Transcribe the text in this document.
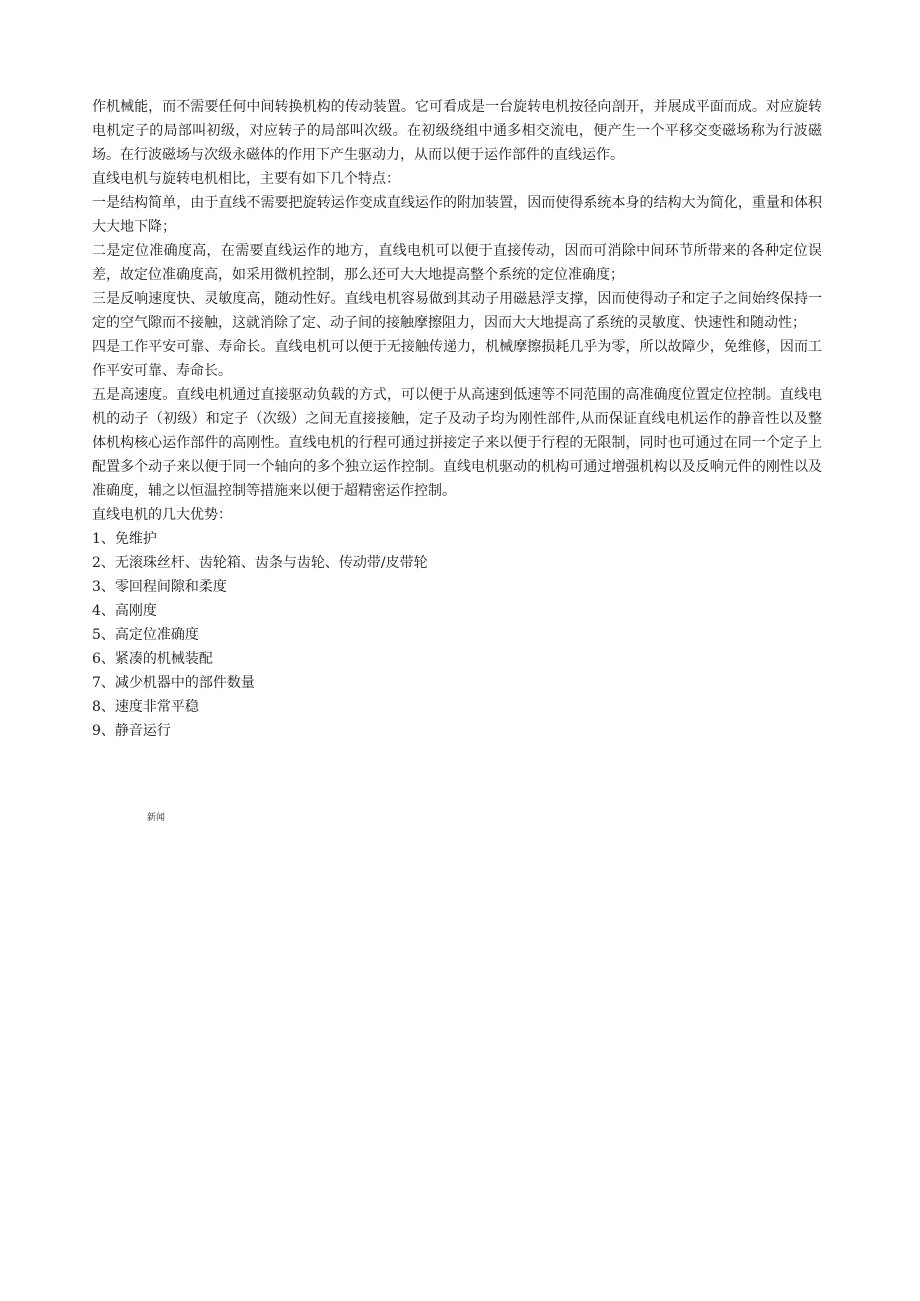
作机械能，而不需要任何中间转换机构的传动装置。它可看成是一台旋转电机按径向剖开，并展成平面而成。对应旋转电机定子的局部叫初级，对应转子的局部叫次级。在初级绕组中通多相交流电，便产生一个平移交变磁场称为行波磁场。在行波磁场与次级永磁体的作用下产生驱动力，从而以便于运作部件的直线运作。

直线电机与旋转电机相比，主要有如下几个特点：

一是结构简单，由于直线不需要把旋转运作变成直线运作的附加装置，因而使得系统本身的结构大为简化，重量和体积大大地下降；

二是定位准确度高，在需要直线运作的地方，直线电机可以便于直接传动，因而可消除中间环节所带来的各种定位误差，故定位准确度高，如采用微机控制，那么还可大大地提高整个系统的定位准确度；

三是反响速度快、灵敏度高，随动性好。直线电机容易做到其动子用磁悬浮支撑，因而使得动子和定子之间始终保持一定的空气隙而不接触，这就消除了定、动子间的接触摩擦阻力，因而大大地提高了系统的灵敏度、快速性和随动性；

四是工作平安可靠、寿命长。直线电机可以便于无接触传递力，机械摩擦损耗几乎为零，所以故障少，免维修，因而工作平安可靠、寿命长。

五是高速度。直线电机通过直接驱动负载的方式，可以便于从高速到低速等不同范围的高准确度位置定位控制。直线电机的动子（初级）和定子（次级）之间无直接接触，定子及动子均为刚性部件,从而保证直线电机运作的静音性以及整体机构核心运作部件的高刚性。直线电机的行程可通过拼接定子来以便于行程的无限制，同时也可通过在同一个定子上配置多个动子来以便于同一个轴向的多个独立运作控制。直线电机驱动的机构可通过增强机构以及反响元件的刚性以及准确度，辅之以恒温控制等措施来以便于超精密运作控制。

直线电机的几大优势：

1、免维护
2、无滚珠丝杆、齿轮箱、齿条与齿轮、传动带/皮带轮
3、零回程间隙和柔度
4、高刚度
5、高定位准确度
6、紧凑的机械装配
7、减少机器中的部件数量
8、速度非常平稳
9、静音运行
新闻
